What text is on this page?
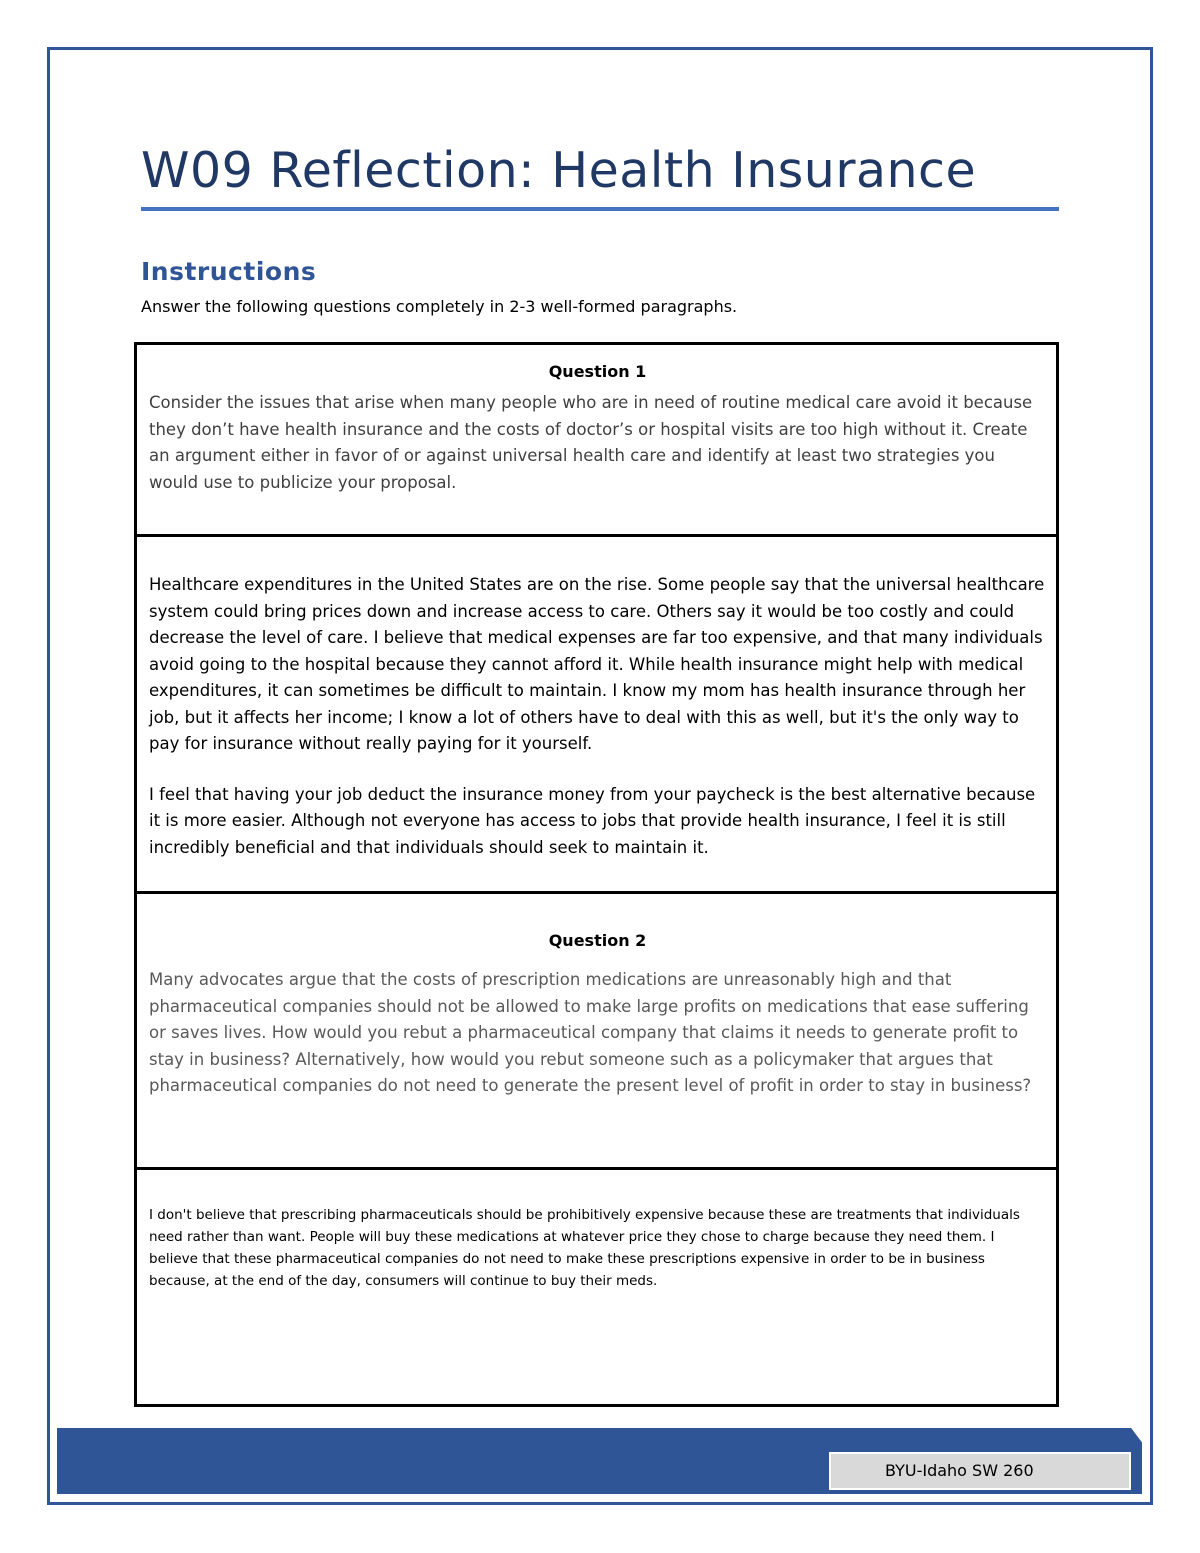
W09 Reflection: Health Insurance
Instructions

Answer the following questions completely in 2-3 well-formed paragraphs.

Question 1

Consider the issues that arise when many people who are in need of routine medical care avoid it because they don’t have health insurance and the costs of doctor’s or hospital visits are too high without it. Create an argument either in favor of or against universal health care and identify at least two strategies you would use to publicize your proposal.

Healthcare expenditures in the United States are on the rise. Some people say that the universal healthcare system could bring prices down and increase access to care. Others say it would be too costly and could decrease the level of care. I believe that medical expenses are far too expensive, and that many individuals avoid going to the hospital because they cannot afford it. While health insurance might help with medical expenditures, it can sometimes be difficult to maintain. I know my mom has health insurance through her job, but it affects her income; I know a lot of others have to deal with this as well, but it's the only way to pay for insurance without really paying for it yourself.

I feel that having your job deduct the insurance money from your paycheck is the best alternative because it is more easier. Although not everyone has access to jobs that provide health insurance, I feel it is still incredibly beneficial and that individuals should seek to maintain it.

Question 2

Many advocates argue that the costs of prescription medications are unreasonably high and that pharmaceutical companies should not be allowed to make large profits on medications that ease suffering or saves lives. How would you rebut a pharmaceutical company that claims it needs to generate profit to stay in business? Alternatively, how would you rebut someone such as a policymaker that argues that pharmaceutical companies do not need to generate the present level of profit in order to stay in business?

I don't believe that prescribing pharmaceuticals should be prohibitively expensive because these are treatments that individuals need rather than want. People will buy these medications at whatever price they chose to charge because they need them. I believe that these pharmaceutical companies do not need to make these prescriptions expensive in order to be in business because, at the end of the day, consumers will continue to buy their meds.

BYU-Idaho SW 260
